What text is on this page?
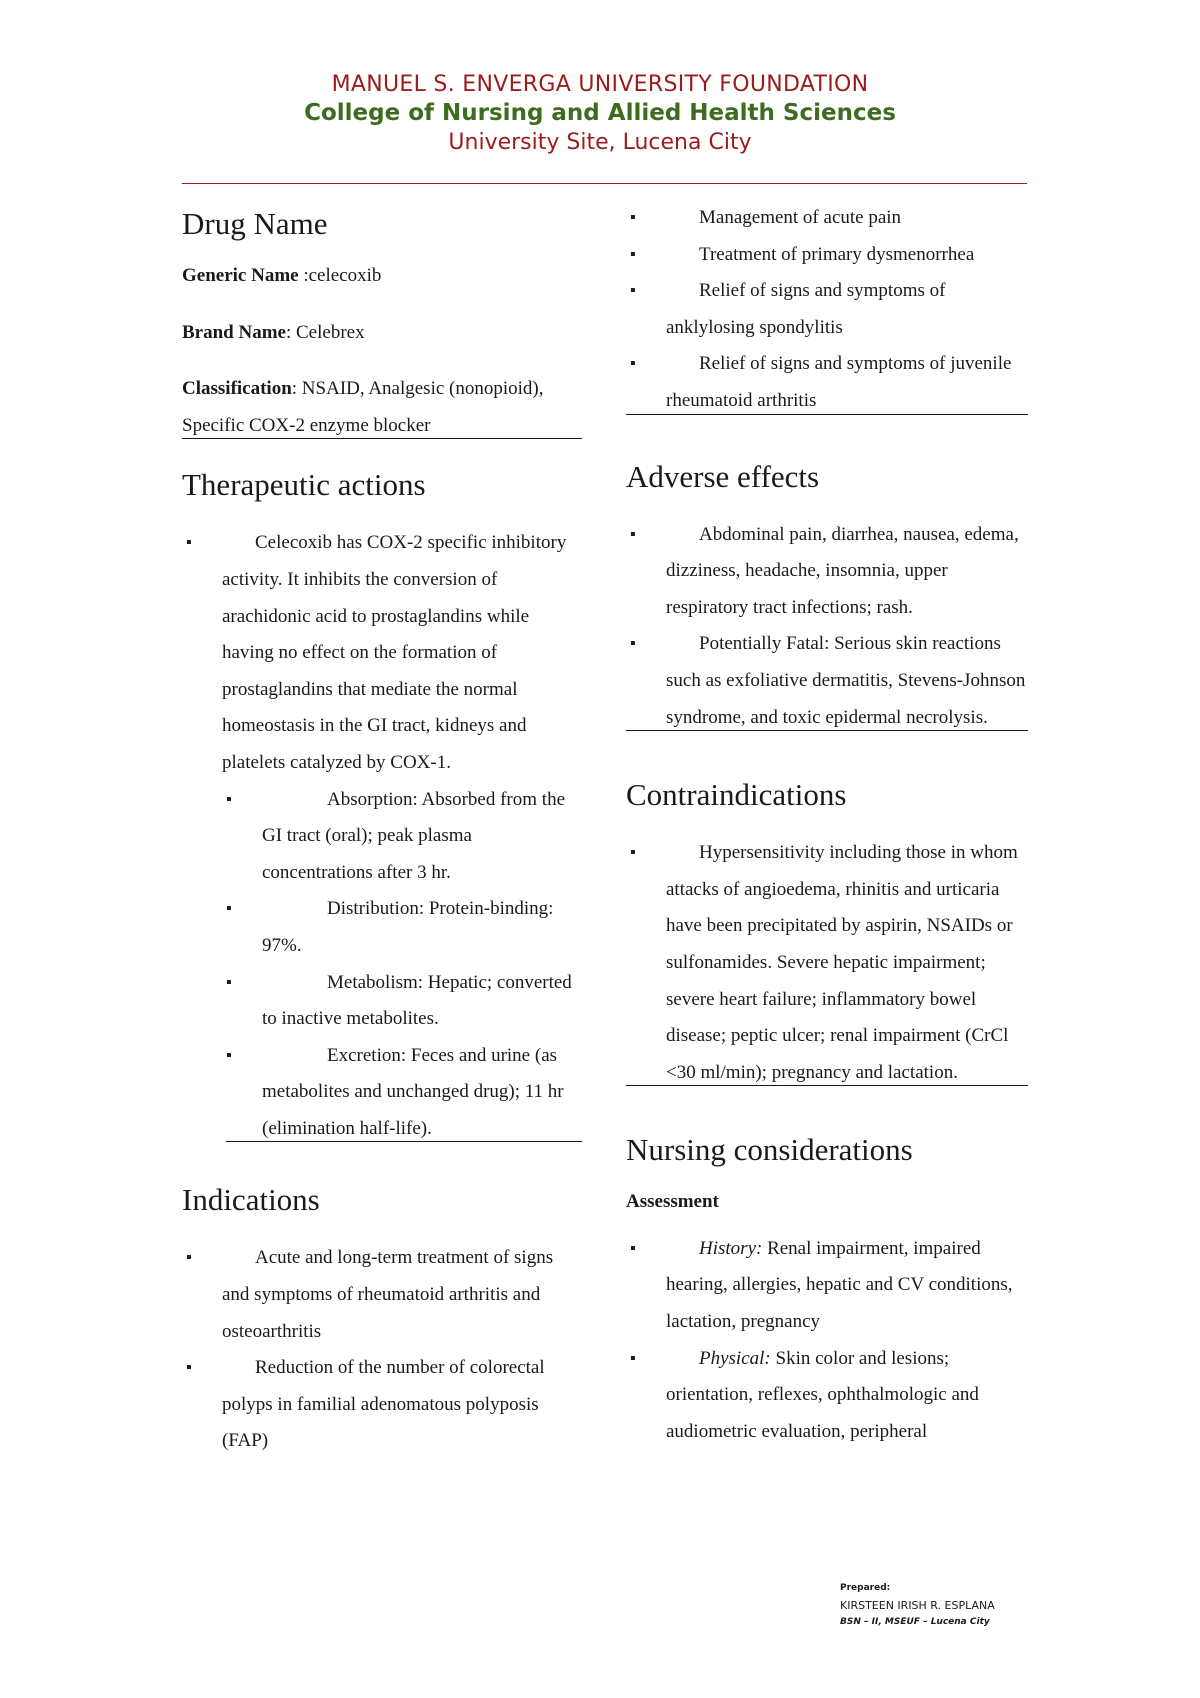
MANUEL S. ENVERGA UNIVERSITY FOUNDATION
College of Nursing and Allied Health Sciences
University Site, Lucena City
Drug Name

Generic Name :celecoxib

Brand Name: Celebrex

Classification: NSAID, Analgesic (nonopioid), Specific COX-2 enzyme blocker

Therapeutic actions
▪ Celecoxib has COX-2 specific inhibitory activity. It inhibits the conversion of arachidonic acid to prostaglandins while having no effect on the formation of prostaglandins that mediate the normal homeostasis in the GI tract, kidneys and platelets catalyzed by COX-1.
▪ Absorption: Absorbed from the GI tract (oral); peak plasma concentrations after 3 hr.
▪ Distribution: Protein-binding: 97%.
▪ Metabolism: Hepatic; converted to inactive metabolites.
▪ Excretion: Feces and urine (as metabolites and unchanged drug); 11 hr (elimination half-life).
Indications
▪ Acute and long-term treatment of signs and symptoms of rheumatoid arthritis and osteoarthritis
▪ Reduction of the number of colorectal polyps in familial adenomatous polyposis (FAP)
▪ Management of acute pain
▪ Treatment of primary dysmenorrhea
▪ Relief of signs and symptoms of anklylosing spondylitis
▪ Relief of signs and symptoms of juvenile rheumatoid arthritis
Adverse effects
▪ Abdominal pain, diarrhea, nausea, edema, dizziness, headache, insomnia, upper respiratory tract infections; rash.
▪ Potentially Fatal: Serious skin reactions such as exfoliative dermatitis, Stevens-Johnson syndrome, and toxic epidermal necrolysis.
Contraindications
▪ Hypersensitivity including those in whom attacks of angioedema, rhinitis and urticaria have been precipitated by aspirin, NSAIDs or sulfonamides. Severe hepatic impairment; severe heart failure; inflammatory bowel disease; peptic ulcer; renal impairment (CrCl <30 ml/min); pregnancy and lactation.
Nursing considerations

Assessment

▪ History: Renal impairment, impaired hearing, allergies, hepatic and CV conditions, lactation, pregnancy
▪ Physical: Skin color and lesions; orientation, reflexes, ophthalmologic and audiometric evaluation, peripheral
Prepared:
KIRSTEEN IRISH R. ESPLANA
BSN – II, MSEUF – Lucena City
